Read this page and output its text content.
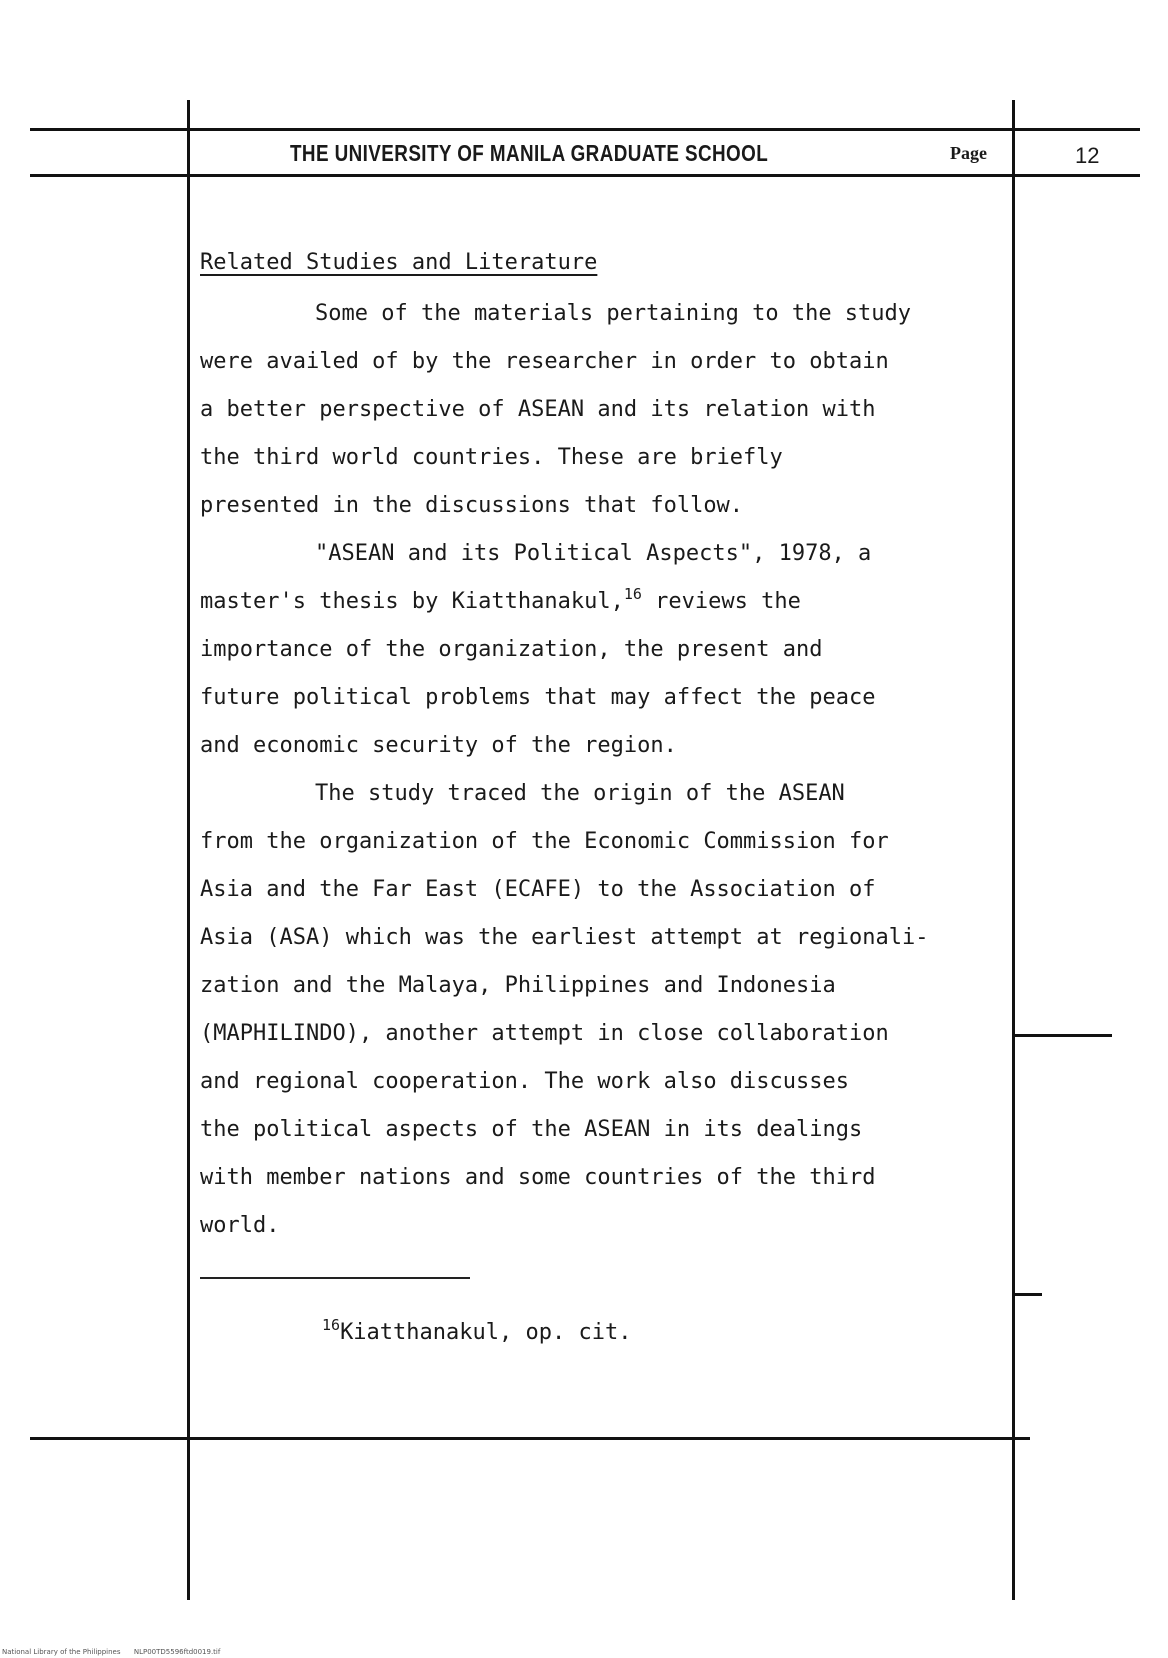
THE UNIVERSITY OF MANILA GRADUATE SCHOOL	Page	12
Related Studies and Literature
Some of the materials pertaining to the study
were availed of by the researcher in order to obtain
a better perspective of ASEAN and its relation with
the third world countries. These are briefly
presented in the discussions that follow.
"ASEAN and its Political Aspects", 1978, a
master's thesis by Kiatthanakul,$^{16}$ reviews the
importance of the organization, the present and
future political problems that may affect the peace
and economic security of the region.
The study traced the origin of the ASEAN
from the organization of the Economic Commission for
Asia and the Far East (ECAFE) to the Association of
Asia (ASA) which was the earliest attempt at regionali-
zation and the Malaya, Philippines and Indonesia
(MAPHILINDO), another attempt in close collaboration
and regional cooperation. The work also discusses
the political aspects of the ASEAN in its dealings
with member nations and some countries of the third
world.
$^{16}$Kiatthanakul, op. cit.
National Library of the Philippines NLP00TD5596ftd0019.tif
